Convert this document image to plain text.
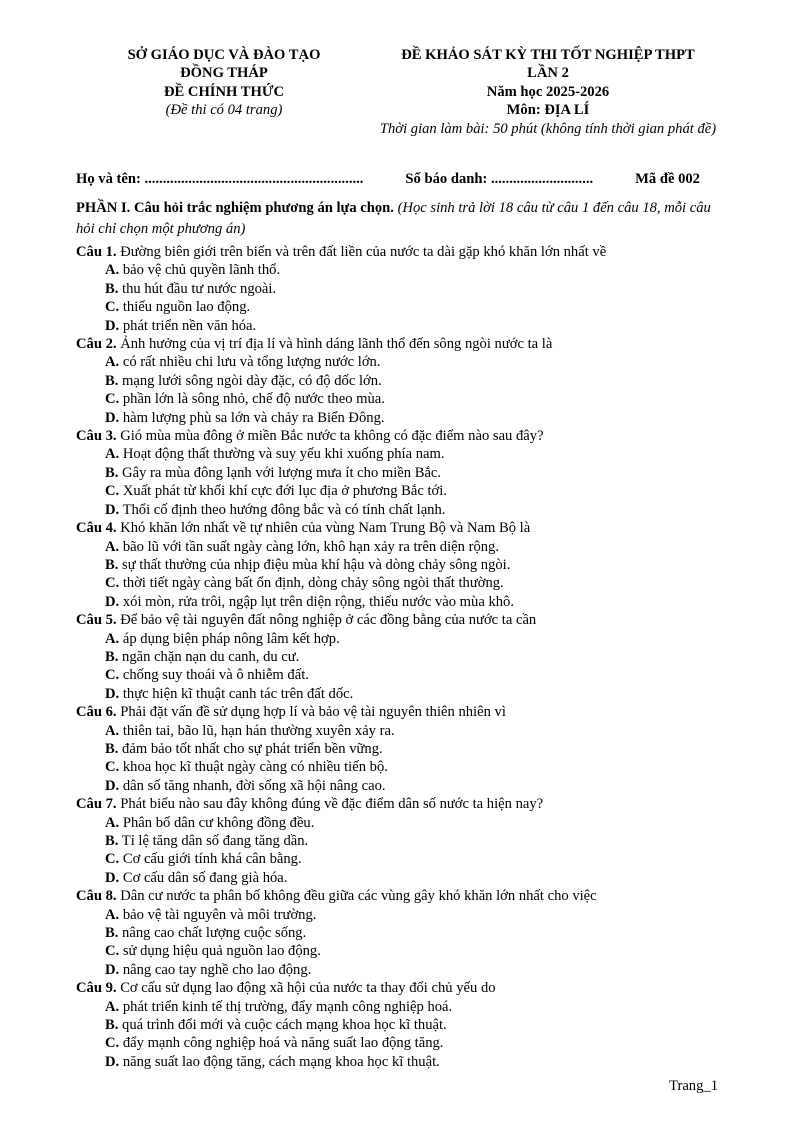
SỞ GIÁO DỤC VÀ ĐÀO TẠO
ĐỒNG THÁP
ĐỀ CHÍNH THỨC
(Đề thi có 04 trang)
ĐỀ KHẢO SÁT KỲ THI TỐT NGHIỆP THPT
LẦN 2
Năm học 2025-2026
Môn: ĐỊA LÍ
Thời gian làm bài: 50 phút (không tính thời gian phát đề)
Họ và tên: ............................................................	Số báo danh: ............................	Mã đề 002
PHẦN I. Câu hỏi trắc nghiệm phương án lựa chọn. (Học sinh trả lời 18 câu từ câu 1 đến câu 18, mỗi câu hỏi chỉ chọn một phương án)
Câu 1. Đường biên giới trên biển và trên đất liền của nước ta dài gặp khó khăn lớn nhất về
A. bảo vệ chủ quyền lãnh thổ.
B. thu hút đầu tư nước ngoài.
C. thiếu nguồn lao động.
D. phát triển nền văn hóa.
Câu 2. Ảnh hưởng của vị trí địa lí và hình dáng lãnh thổ đến sông ngòi nước ta là
A. có rất nhiều chi lưu và tổng lượng nước lớn.
B. mạng lưới sông ngòi dày đặc, có độ dốc lớn.
C. phần lớn là sông nhỏ, chế độ nước theo mùa.
D. hàm lượng phù sa lớn và chảy ra Biển Đông.
Câu 3. Gió mùa mùa đông ở miền Bắc nước ta không có đặc điểm nào sau đây?
A. Hoạt động thất thường và suy yếu khi xuống phía nam.
B. Gây ra mùa đông lạnh với lượng mưa ít cho miền Bắc.
C. Xuất phát từ khối khí cực đới lục địa ở phương Bắc tới.
D. Thổi cố định theo hướng đông bắc và có tính chất lạnh.
Câu 4. Khó khăn lớn nhất về tự nhiên của vùng Nam Trung Bộ và Nam Bộ là
A. bão lũ với tần suất ngày càng lớn, khô hạn xảy ra trên diện rộng.
B. sự thất thường của nhịp điệu mùa khí hậu và dòng chảy sông ngòi.
C. thời tiết ngày càng bất ổn định, dòng chảy sông ngòi thất thường.
D. xói mòn, rửa trôi, ngập lụt trên diện rộng, thiếu nước vào mùa khô.
Câu 5. Để bảo vệ tài nguyên đất nông nghiệp ở các đồng bằng của nước ta cần
A. áp dụng biện pháp nông lâm kết hợp.
B. ngăn chặn nạn du canh, du cư.
C. chống suy thoái và ô nhiễm đất.
D. thực hiện kĩ thuật canh tác trên đất dốc.
Câu 6. Phải đặt vấn đề sử dụng hợp lí và bảo vệ tài nguyên thiên nhiên vì
A. thiên tai, bão lũ, hạn hán thường xuyên xảy ra.
B. đảm bảo tốt nhất cho sự phát triển bền vững.
C. khoa học kĩ thuật ngày càng có nhiều tiến bộ.
D. dân số tăng nhanh, đời sống xã hội nâng cao.
Câu 7. Phát biểu nào sau đây không đúng về đặc điểm dân số nước ta hiện nay?
A. Phân bố dân cư không đồng đều.
B. Tỉ lệ tăng dân số đang tăng dần.
C. Cơ cấu giới tính khá cân bằng.
D. Cơ cấu dân số đang già hóa.
Câu 8. Dân cư nước ta phân bố không đều giữa các vùng gây khó khăn lớn nhất cho việc
A. bảo vệ tài nguyên và môi trường.
B. nâng cao chất lượng cuộc sống.
C. sử dụng hiệu quả nguồn lao động.
D. nâng cao tay nghề cho lao động.
Câu 9. Cơ cấu sử dụng lao động xã hội của nước ta thay đổi chủ yếu do
A. phát triển kinh tế thị trường, đẩy mạnh công nghiệp hoá.
B. quá trình đổi mới và cuộc cách mạng khoa học kĩ thuật.
C. đẩy mạnh công nghiệp hoá và năng suất lao động tăng.
D. năng suất lao động tăng, cách mạng khoa học kĩ thuật.
Trang_1
